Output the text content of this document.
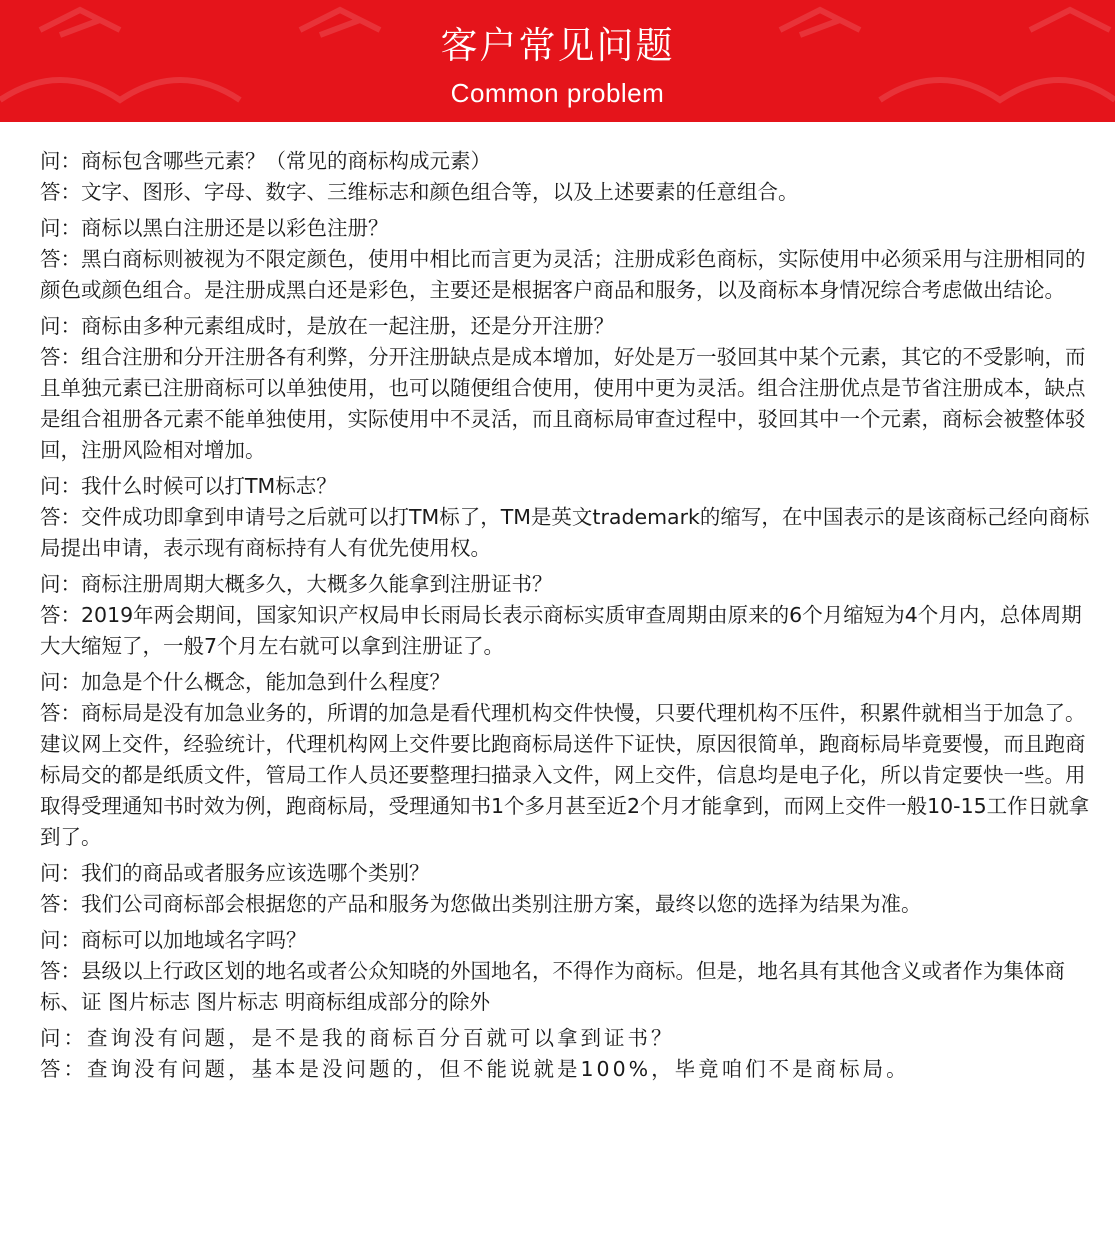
客户常见问题
Common problem

问：商标包含哪些元素？（常见的商标构成元素）

答：文字、图形、字母、数字、三维标志和颜色组合等，以及上述要素的任意组合。

问：商标以黑白注册还是以彩色注册？

答：黑白商标则被视为不限定颜色，使用中相比而言更为灵活；注册成彩色商标，实际使用中必须采用与注册相同的颜色或颜色组合。是注册成黑白还是彩色，主要还是根据客户商品和服务，以及商标本身情况综合考虑做出结论。

问：商标由多种元素组成时，是放在一起注册，还是分开注册？

答：组合注册和分开注册各有利弊，分开注册缺点是成本增加，好处是万一驳回其中某个元素，其它的不受影响，而且单独元素已注册商标可以单独使用，也可以随便组合使用，使用中更为灵活。组合注册优点是节省注册成本，缺点是组合祖册各元素不能单独使用，实际使用中不灵活，而且商标局审查过程中，驳回其中一个元素，商标会被整体驳回，注册风险相对增加。

问：我什么时候可以打TM标志？

答：交件成功即拿到申请号之后就可以打TM标了，TM是英文trademark的缩写，在中国表示的是该商标己经向商标局提出申请，表示现有商标持有人有优先使用权。

问：商标注册周期大概多久，大概多久能拿到注册证书？

答：2019年两会期间，国家知识产权局申长雨局长表示商标实质审查周期由原来的6个月缩短为4个月内，总体周期大大缩短了，一般7个月左右就可以拿到注册证了。

问：加急是个什么概念，能加急到什么程度？

答：商标局是没有加急业务的，所谓的加急是看代理机构交件快慢，只要代理机构不压件，积累件就相当于加急了。建议网上交件，经验统计，代理机构网上交件要比跑商标局送件下证快，原因很简单，跑商标局毕竟要慢，而且跑商标局交的都是纸质文件，管局工作人员还要整理扫描录入文件，网上交件，信息均是电子化，所以肯定要快一些。用取得受理通知书时效为例，跑商标局，受理通知书1个多月甚至近2个月才能拿到，而网上交件一般10-15工作日就拿到了。

问：我们的商品或者服务应该选哪个类别？

答：我们公司商标部会根据您的产品和服务为您做出类别注册方案，最终以您的选择为结果为准。

问：商标可以加地域名字吗？

答：县级以上行政区划的地名或者公众知晓的外国地名，不得作为商标。但是，地名具有其他含义或者作为集体商标、证 图片标志 图片标志 明商标组成部分的除外

问：查询没有问题，是不是我的商标百分百就可以拿到证书？

答：查询没有问题，基本是没问题的，但不能说就是100%，毕竟咱们不是商标局。
